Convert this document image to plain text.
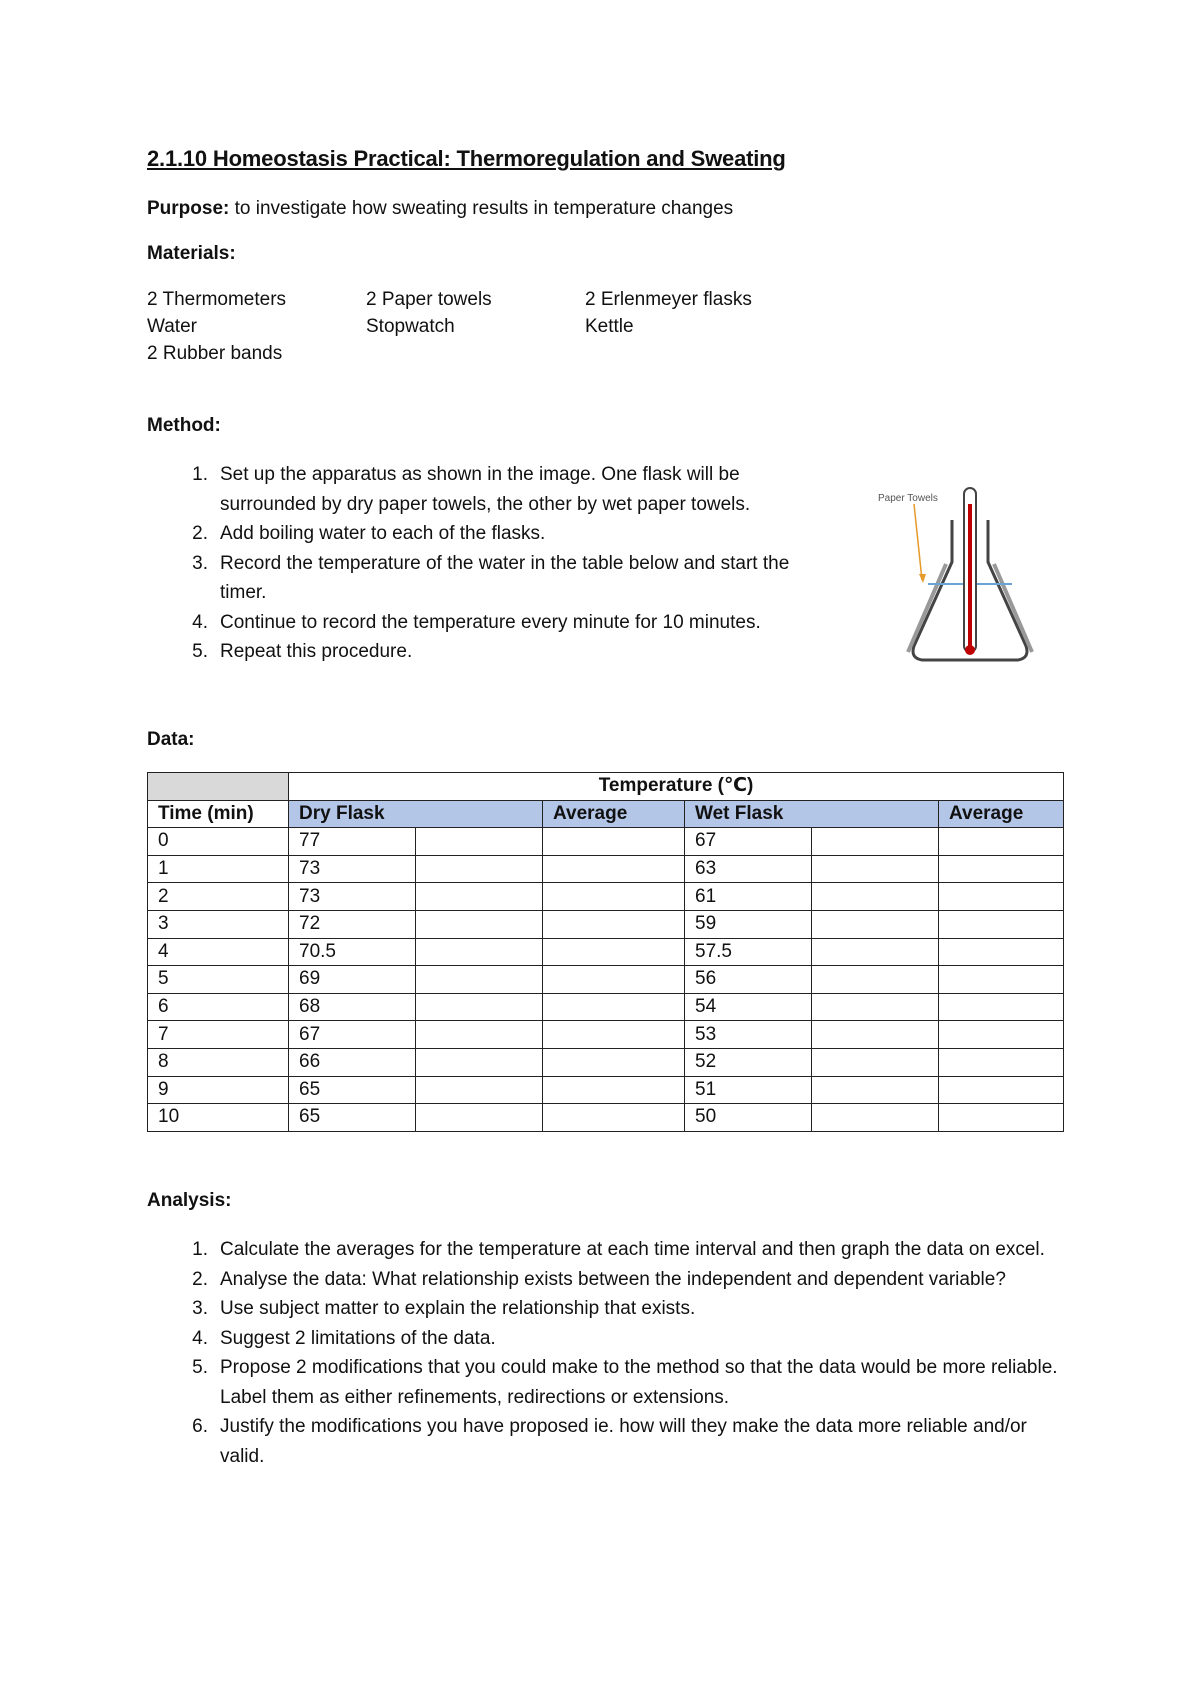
2.1.10 Homeostasis Practical: Thermoregulation and Sweating
Purpose: to investigate how sweating results in temperature changes
Materials:
2 Thermometers	2 Paper towels	2 Erlenmeyer flasks
Water	Stopwatch	Kettle
2 Rubber bands
Method:
1. Set up the apparatus as shown in the image. One flask will be surrounded by dry paper towels, the other by wet paper towels.
2. Add boiling water to each of the flasks.
3. Record the temperature of the water in the table below and start the timer.
4. Continue to record the temperature every minute for 10 minutes.
5. Repeat this procedure.
Paper Towels
Data:
	Temperature (℃)					
Time (min)	Dry Flask		Average	Wet Flask		Average
0	77			67		
1	73			63		
2	73			61		
3	72			59		
4	70.5			57.5		
5	69			56		
6	68			54		
7	67			53		
8	66			52		
9	65			51		
10	65			50		
Analysis:
1. Calculate the averages for the temperature at each time interval and then graph the data on excel.
2. Analyse the data: What relationship exists between the independent and dependent variable?
3. Use subject matter to explain the relationship that exists.
4. Suggest 2 limitations of the data.
5. Propose 2 modifications that you could make to the method so that the data would be more reliable. Label them as either refinements, redirections or extensions.
6. Justify the modifications you have proposed ie. how will they make the data more reliable and/or valid.
